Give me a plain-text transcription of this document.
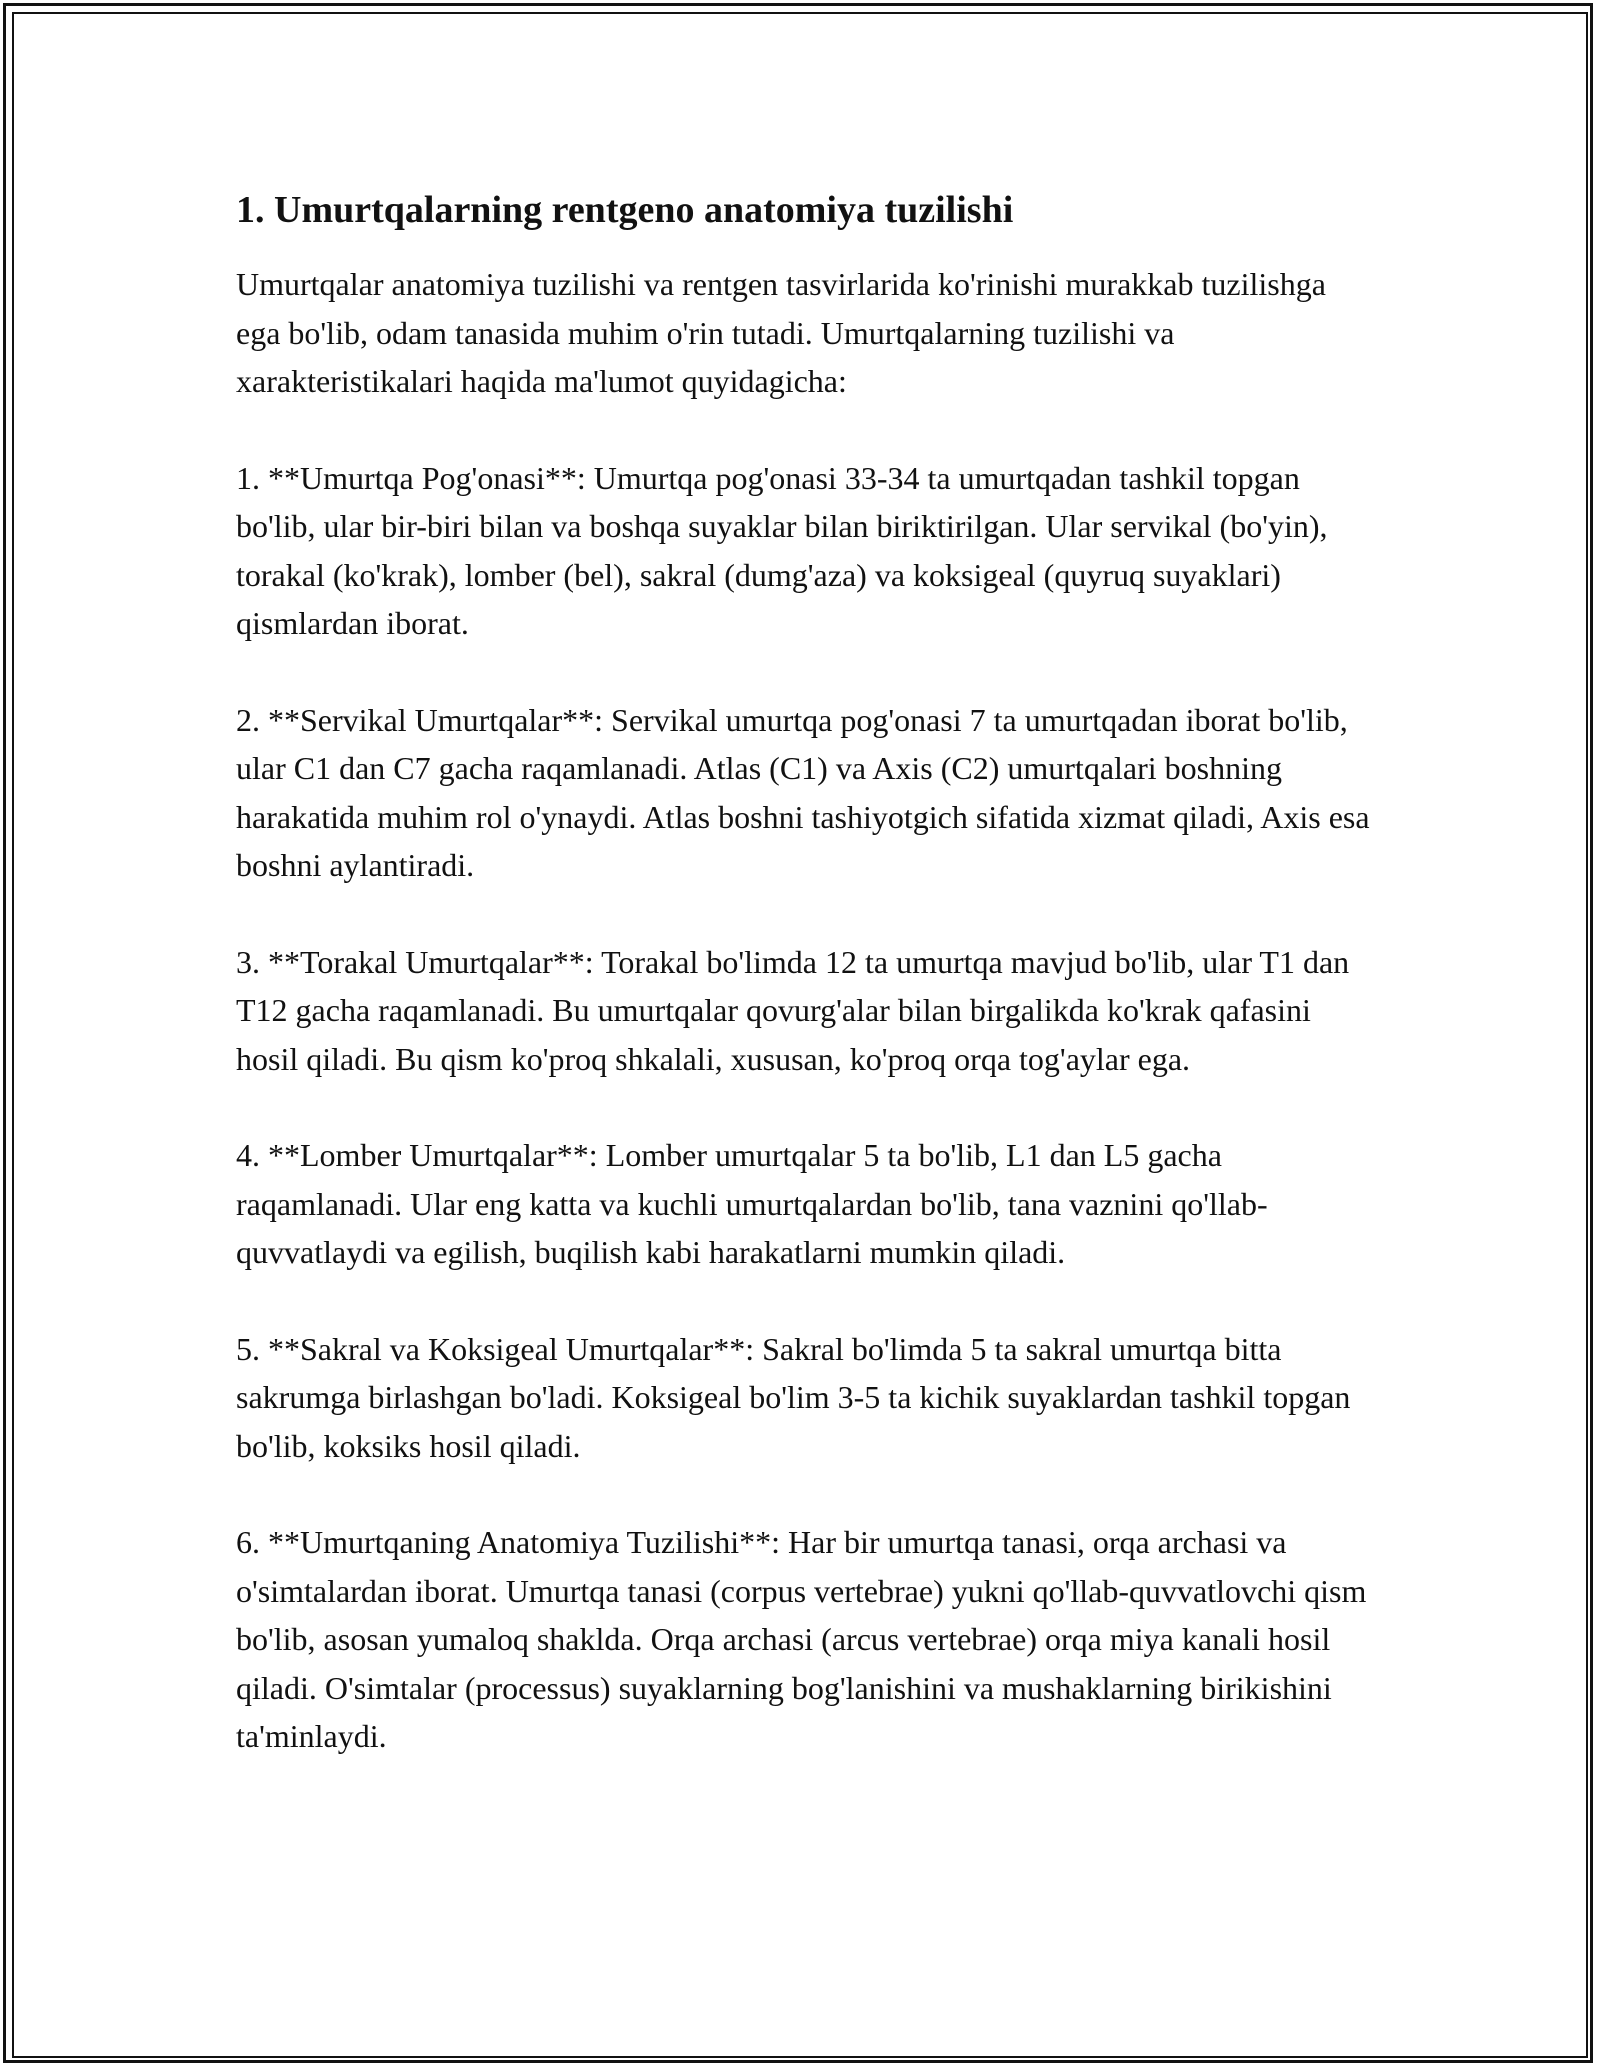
1. Umurtqalarning rentgeno anatomiya tuzilishi

Umurtqalar anatomiya tuzilishi va rentgen tasvirlarida ko'rinishi murakkab tuzilishga ega bo'lib, odam tanasida muhim o'rin tutadi. Umurtqalarning tuzilishi va xarakteristikalari haqida ma'lumot quyidagicha:

1. **Umurtqa Pog'onasi**: Umurtqa pog'onasi 33-34 ta umurtqadan tashkil topgan bo'lib, ular bir-biri bilan va boshqa suyaklar bilan biriktirilgan. Ular servikal (bo'yin), torakal (ko'krak), lomber (bel), sakral (dumg'aza) va koksigeal (quyruq suyaklari) qismlardan iborat.

2. **Servikal Umurtqalar**: Servikal umurtqa pog'onasi 7 ta umurtqadan iborat bo'lib, ular C1 dan C7 gacha raqamlanadi. Atlas (C1) va Axis (C2) umurtqalari boshning harakatida muhim rol o'ynaydi. Atlas boshni tashiyotgich sifatida xizmat qiladi, Axis esa boshni aylantiradi.

3. **Torakal Umurtqalar**: Torakal bo'limda 12 ta umurtqa mavjud bo'lib, ular T1 dan T12 gacha raqamlanadi. Bu umurtqalar qovurg'alar bilan birgalikda ko'krak qafasini hosil qiladi. Bu qism ko'proq shkalali, xususan, ko'proq orqa tog'aylar ega.

4. **Lomber Umurtqalar**: Lomber umurtqalar 5 ta bo'lib, L1 dan L5 gacha raqamlanadi. Ular eng katta va kuchli umurtqalardan bo'lib, tana vaznini qo'llab-quvvatlaydi va egilish, buqilish kabi harakatlarni mumkin qiladi.

5. **Sakral va Koksigeal Umurtqalar**: Sakral bo'limda 5 ta sakral umurtqa bitta sakrumga birlashgan bo'ladi. Koksigeal bo'lim 3-5 ta kichik suyaklardan tashkil topgan bo'lib, koksiks hosil qiladi.

6. **Umurtqaning Anatomiya Tuzilishi**: Har bir umurtqa tanasi, orqa archasi va o'simtalardan iborat. Umurtqa tanasi (corpus vertebrae) yukni qo'llab-quvvatlovchi qism bo'lib, asosan yumaloq shaklda. Orqa archasi (arcus vertebrae) orqa miya kanali hosil qiladi. O'simtalar (processus) suyaklarning bog'lanishini va mushaklarning birikishini ta'minlaydi.
